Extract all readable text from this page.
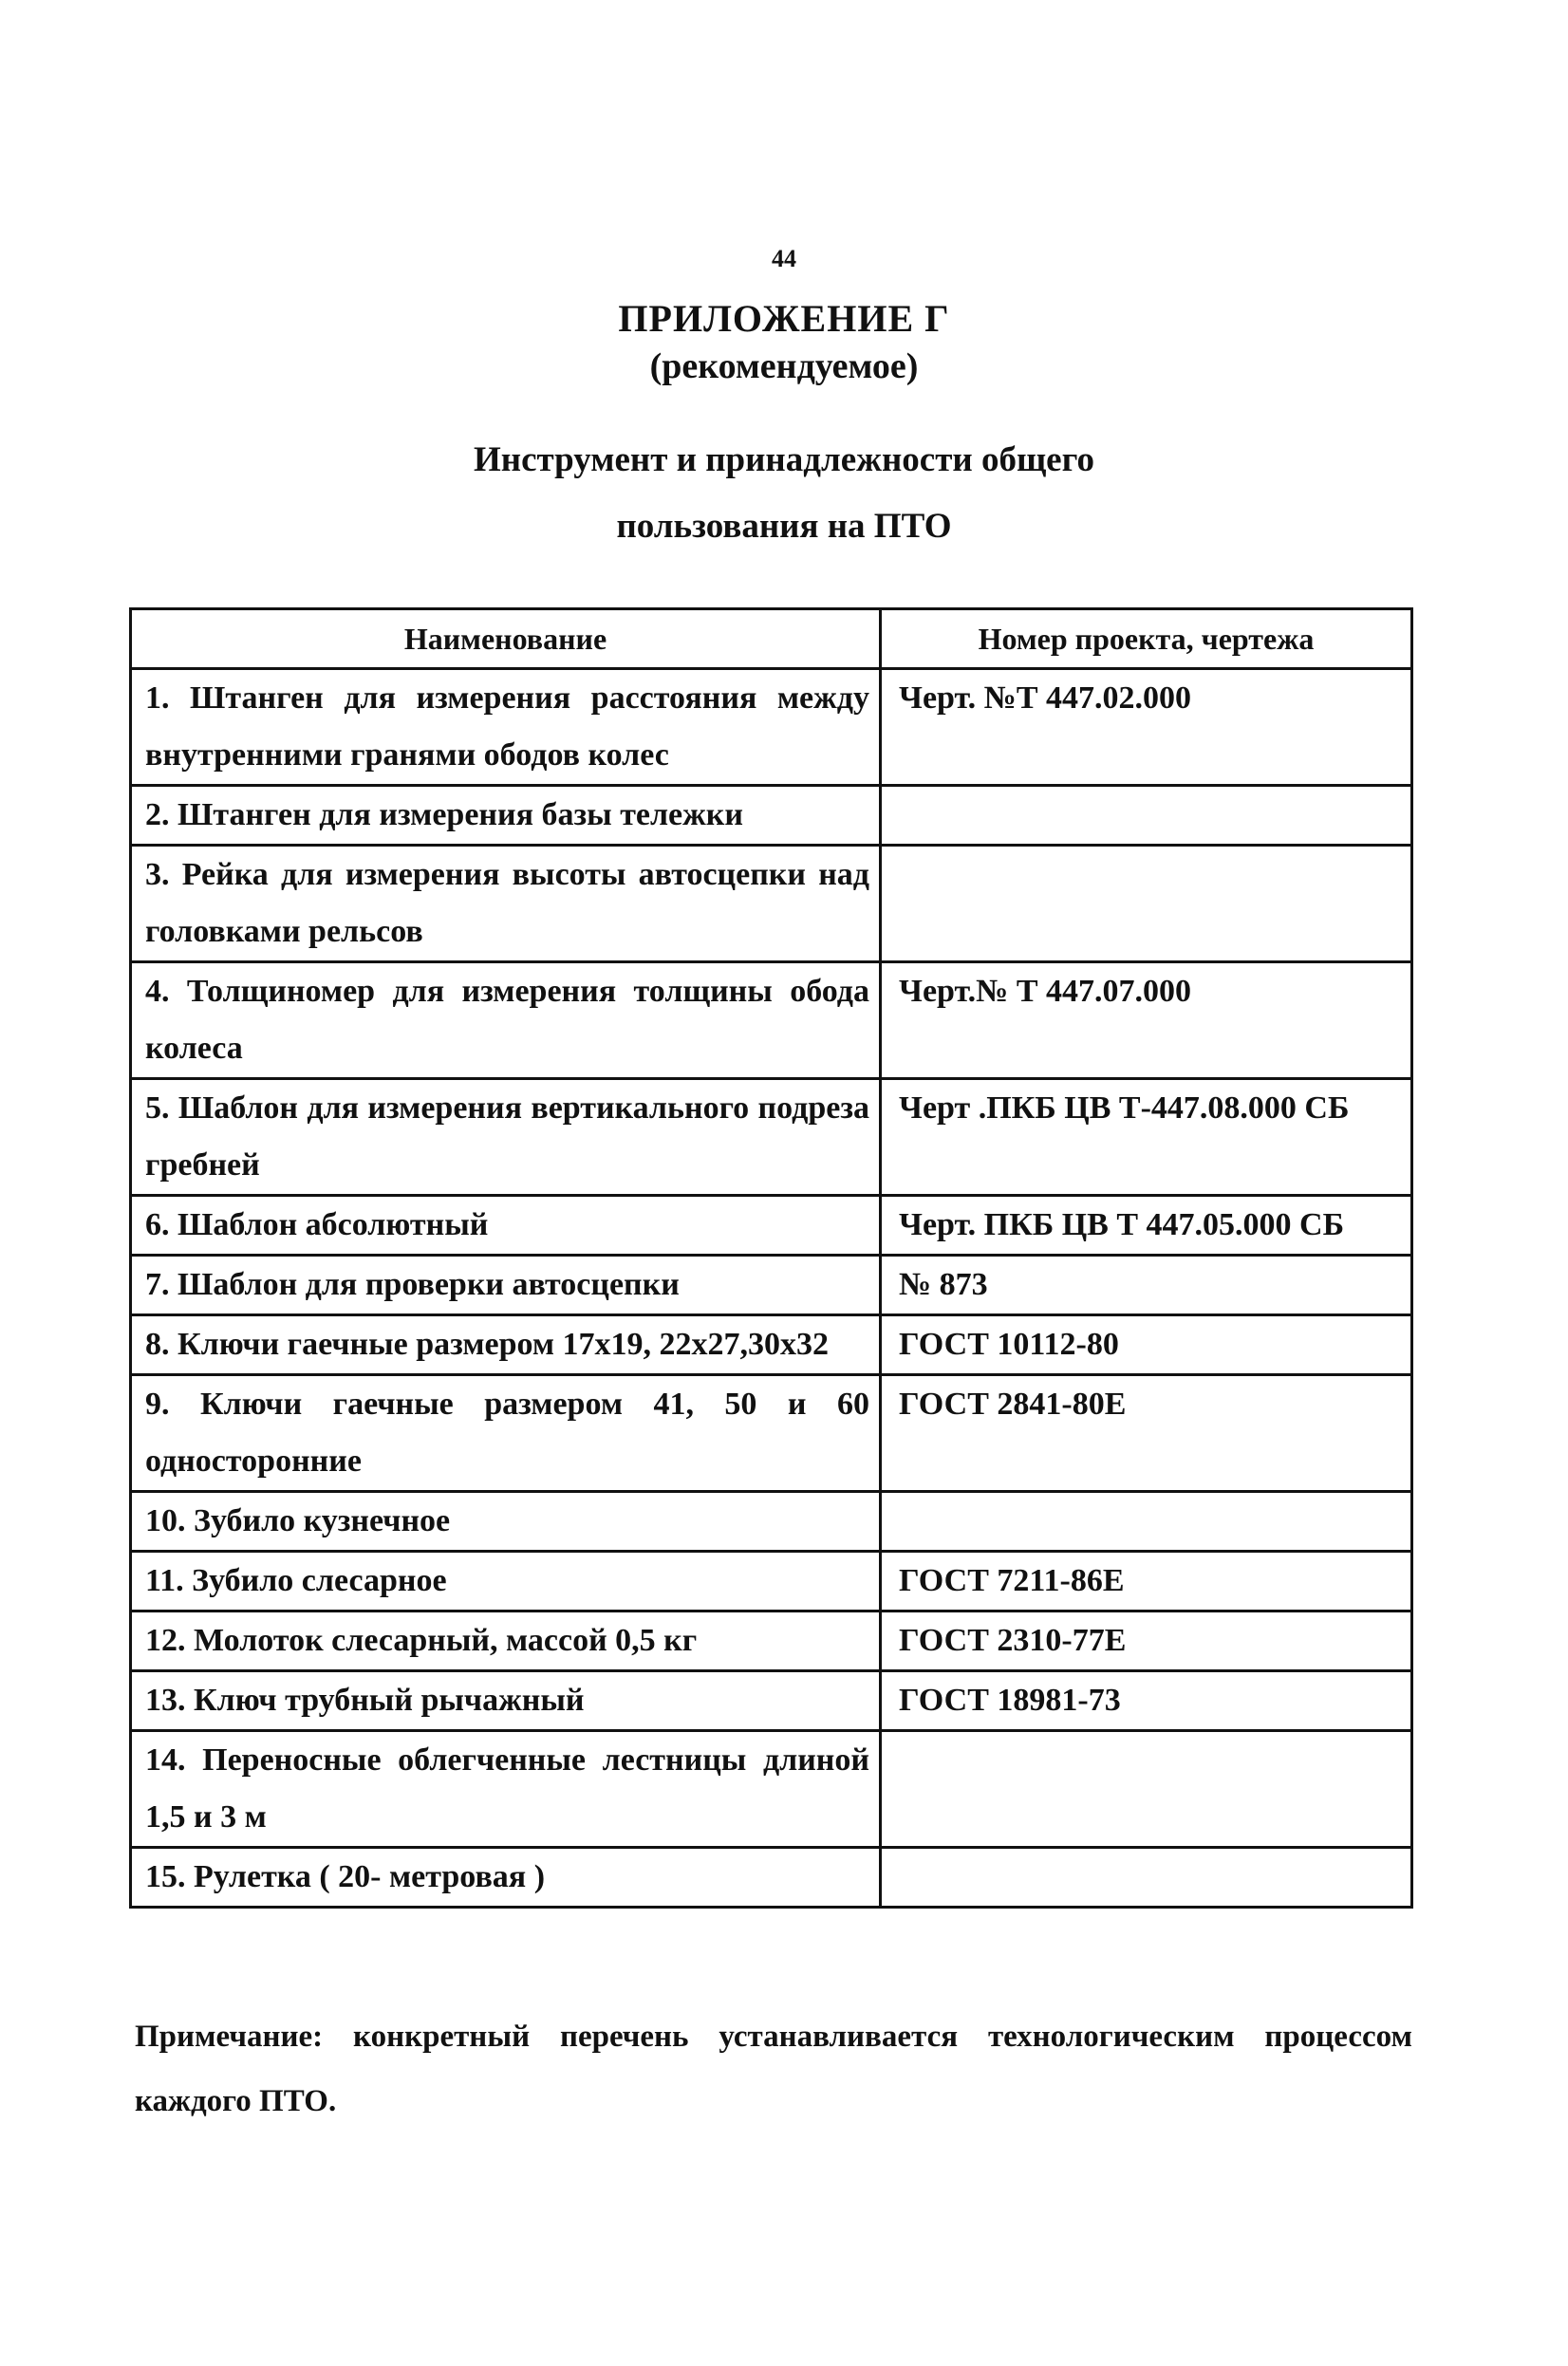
44
ПРИЛОЖЕНИЕ Г
(рекомендуемое)
Инструмент и принадлежности общего пользования на ПТО
Наименование	Номер проекта, чертежа
1. Штанген для измерения расстояния между внутренними гранями ободов колес	Черт. №Т 447.02.000
2. Штанген для измерения базы тележки	
3. Рейка для измерения высоты автосцепки над головками рельсов	
4. Толщиномер для измерения толщины обода колеса	Черт.№ Т 447.07.000
5. Шаблон для измерения вертикального подреза гребней	Черт .ПКБ ЦВ Т-447.08.000 СБ
6. Шаблон абсолютный	Черт. ПКБ ЦВ Т 447.05.000 СБ
7. Шаблон для проверки автосцепки	№ 873
8. Ключи гаечные размером 17x19, 22x27,30x32	ГОСТ 10112-80
9. Ключи гаечные размером 41, 50 и 60 односторонние	ГОСТ 2841-80Е
10. Зубило кузнечное	
11. Зубило слесарное	ГОСТ 7211-86Е
12. Молоток слесарный, массой 0,5 кг	ГОСТ 2310-77Е
13. Ключ трубный рычажный	ГОСТ 18981-73
14. Переносные облегченные лестницы длиной 1,5 и 3 м	
15. Рулетка ( 20- метровая )	
Примечание: конкретный перечень устанавливается технологическим процессом каждого ПТО.
